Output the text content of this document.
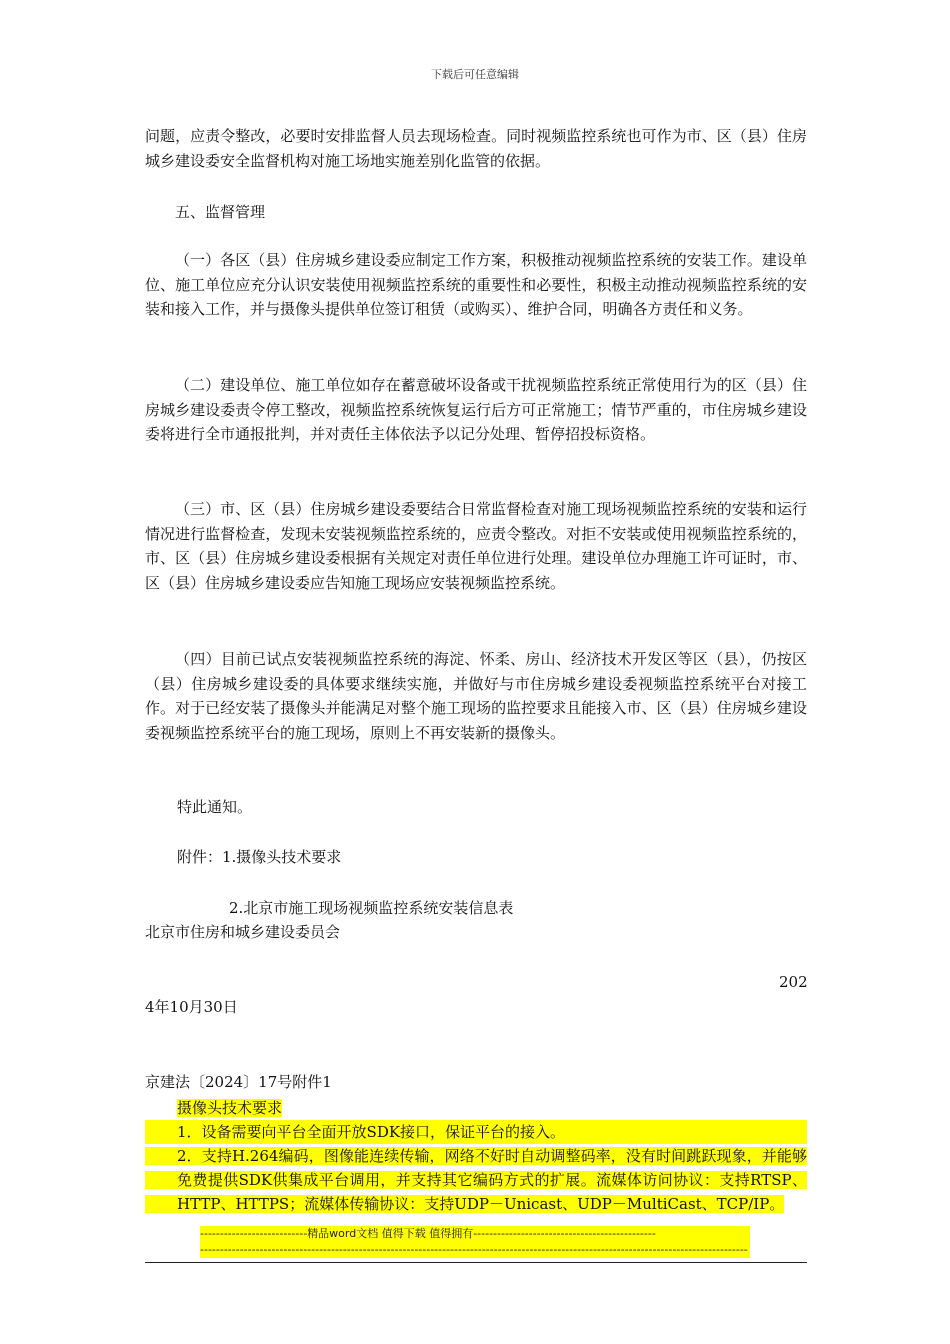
下载后可任意编辑

问题，应责令整改，必要时安排监督人员去现场检查。同时视频监控系统也可作为市、区（县）住房城乡建设委安全监督机构对施工场地实施差别化监管的依据。

五、监督管理

（一）各区（县）住房城乡建设委应制定工作方案，积极推动视频监控系统的安装工作。建设单位、施工单位应充分认识安装使用视频监控系统的重要性和必要性，积极主动推动视频监控系统的安装和接入工作，并与摄像头提供单位签订租赁（或购买）、维护合同，明确各方责任和义务。

（二）建设单位、施工单位如存在蓄意破坏设备或干扰视频监控系统正常使用行为的区（县）住房城乡建设委责令停工整改，视频监控系统恢复运行后方可正常施工；情节严重的，市住房城乡建设委将进行全市通报批判，并对责任主体依法予以记分处理、暂停招投标资格。

（三）市、区（县）住房城乡建设委要结合日常监督检查对施工现场视频监控系统的安装和运行情况进行监督检查，发现未安装视频监控系统的，应责令整改。对拒不安装或使用视频监控系统的，市、区（县）住房城乡建设委根据有关规定对责任单位进行处理。建设单位办理施工许可证时，市、区（县）住房城乡建设委应告知施工现场应安装视频监控系统。

（四）目前已试点安装视频监控系统的海淀、怀柔、房山、经济技术开发区等区（县），仍按区（县）住房城乡建设委的具体要求继续实施，并做好与市住房城乡建设委视频监控系统平台对接工作。对于已经安装了摄像头并能满足对整个施工现场的监控要求且能接入市、区（县）住房城乡建设委视频监控系统平台的施工现场，原则上不再安装新的摄像头。

特此通知。
附件：1.摄像头技术要求
2.北京市施工现场视频监控系统安装信息表
北京市住房和城乡建设委员会
202
4年10月30日
京建法〔2024〕17号附件1
摄像头技术要求
1．设备需要向平台全面开放SDK接口，保证平台的接入。
2．支持H.264编码，图像能连续传输，网络不好时自动调整码率，没有时间跳跃现象，并能够免费提供SDK供集成平台调用，并支持其它编码方式的扩展。流媒体访问协议：支持RTSP、HTTP、HTTPS；流媒体传输协议：支持UDP－Unicast、UDP－MultiCast、TCP/IP。
---------------------------精品word文档 值得下载 值得拥有----------------------------------------------
------------------------------------------------------------------------------------------------------------------------------------------
